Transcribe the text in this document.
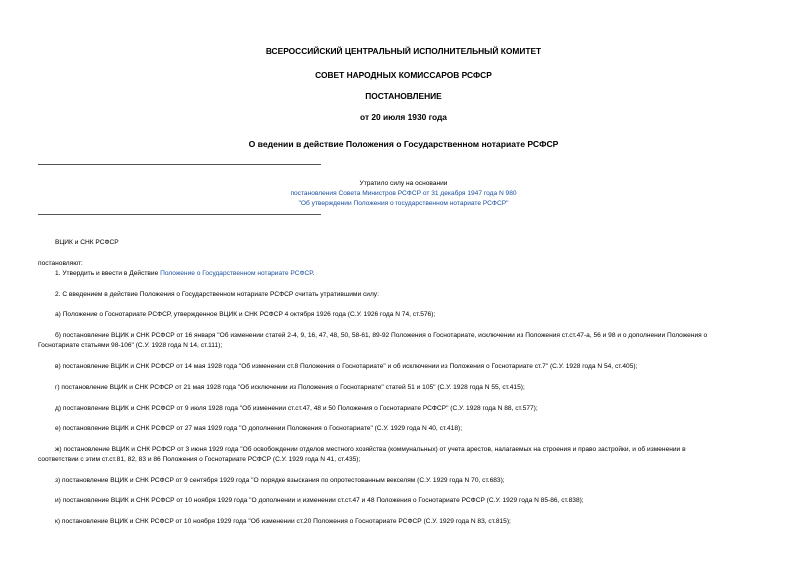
ВСЕРОССИЙСКИЙ ЦЕНТРАЛЬНЫЙ ИСПОЛНИТЕЛЬНЫЙ КОМИТЕТ
СОВЕТ НАРОДНЫХ КОМИССАРОВ РСФСР
ПОСТАНОВЛЕНИЕ
от 20 июля 1930 года
О ведении в действие Положения о Государственном нотариате РСФСР
Утратило силу на основании
постановления Совета Министров РСФСР от 31 декабря 1947 года N 980
"Об утверждении Положения о государственном нотариате РСФСР"
ВЦИК и СНК РСФСР
постановляют:
1. Утвердить и ввести в Действие Положение о Государственном нотариате РСФСР.
2. С введением в действие Положения о Государственном нотариате РСФСР считать утратившими силу:
а) Положение о Госнотариате РСФСР, утвержденное ВЦИК и СНК РСФСР 4 октября 1926 года (С.У. 1926 года N 74, ст.576);
б) постановление ВЦИК и СНК РСФСР от 16 января "Об изменении статей 2-4, 9, 16, 47, 48, 50, 58-61, 89-92 Положения о Госнотариате, исключении из Положения ст.ст.47-а, 56 и 98 и о дополнении Положения о
Госнотариате статьями 98-106" (С.У. 1928 года N 14, ст.111);
в) постановление ВЦИК и СНК РСФСР от 14 мая 1928 года "Об изменении ст.8 Положения о Госнотариате" и об исключении из Положения о Госнотариате ст.7" (С.У. 1928 года N 54, ст.405);
г) постановление ВЦИК и СНК РСФСР от 21 мая 1928 года "Об исключении из Положения о Госнотариате" статей 51 и 105" (С.У. 1928 года N 55, ст.415);
д) постановление ВЦИК и СНК РСФСР от 9 июля 1928 года "Об изменении ст.ст.47, 48 и 50 Положения о Госнотариате РСФСР" (С.У. 1928 года N 88, ст.577);
е) постановление ВЦИК и СНК РСФСР от 27 мая 1929 года "О дополнении Положения о Госнотариате" (С.У. 1929 года N 40, ст.418);
ж) постановление ВЦИК и СНК РСФСР от 3 июня 1929 года "Об освобождении отделов местного хозяйства (коммунальных) от учета арестов, налагаемых на строения и право застройки, и об изменении в
соответствии с этим ст.ст.81, 82, 83 и 86 Положения о Госнотариате РСФСР (С.У. 1929 года N 41, ст.435);
з) постановление ВЦИК и СНК РСФСР от 9 сентября 1929 года "О порядке взыскания по опротестованным векселям (С.У. 1929 года N 70, ст.683);
и) постановление ВЦИК и СНК РСФСР от 10 ноября 1929 года "О дополнении и изменении ст.ст.47 и 48 Положения о Госнотариате РСФСР (С.У. 1929 года N 85-86, ст.838);
к) постановление ВЦИК и СНК РСФСР от 10 ноября 1929 года "Об изменении ст.20 Положения о Госнотариате РСФСР (С.У. 1929 года N 83, ст.815);
